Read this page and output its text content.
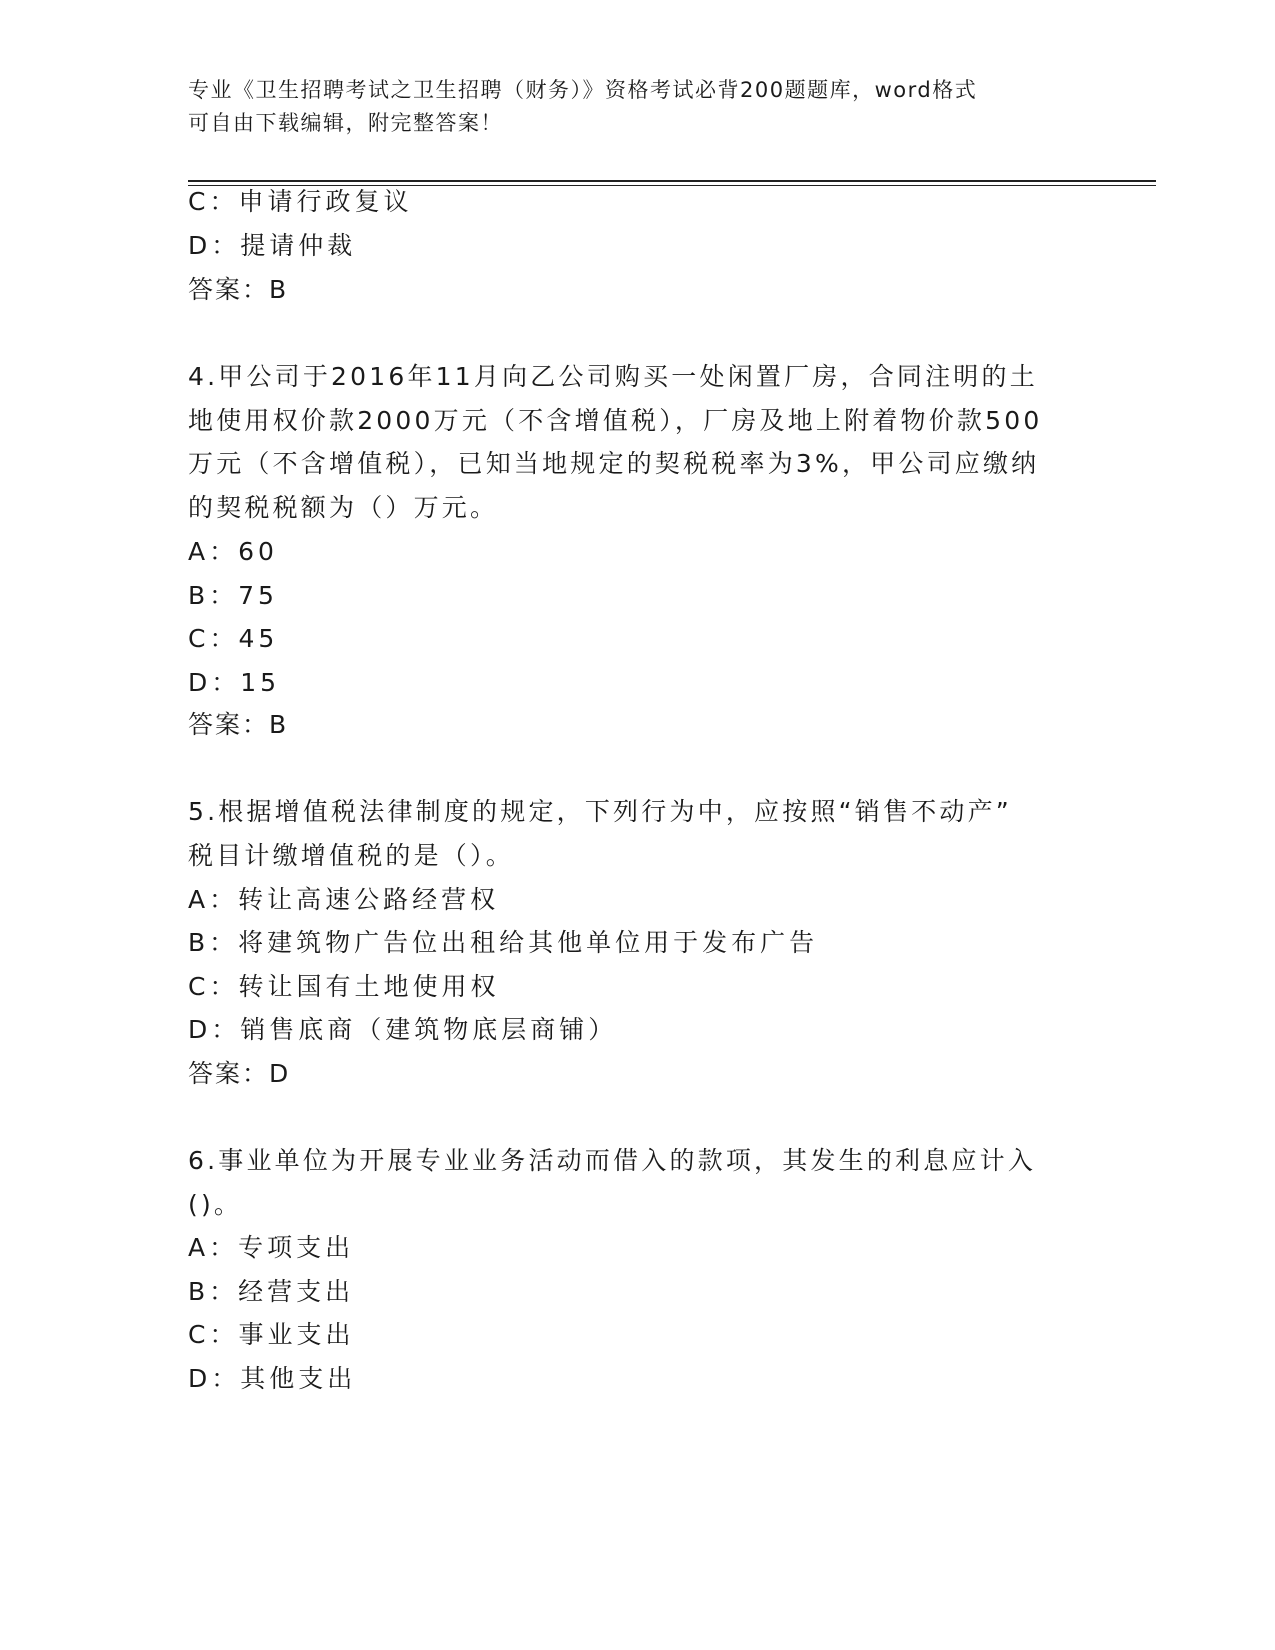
专业《卫生招聘考试之卫生招聘（财务）》资格考试必背200题题库，word格式
可自由下载编辑，附完整答案！
C：申请行政复议
D：提请仲裁
答案：B
4.甲公司于2016年11月向乙公司购买一处闲置厂房，合同注明的土
地使用权价款2000万元（不含增值税），厂房及地上附着物价款500
万元（不含增值税），已知当地规定的契税税率为3%，甲公司应缴纳
的契税税额为（）万元。
A：60
B：75
C：45
D：15
答案：B
5.根据增值税法律制度的规定，下列行为中，应按照“销售不动产”
税目计缴增值税的是（）。
A：转让高速公路经营权
B：将建筑物广告位出租给其他单位用于发布广告
C：转让国有土地使用权
D：销售底商（建筑物底层商铺）
答案：D
6.事业单位为开展专业业务活动而借入的款项，其发生的利息应计入
()。
A：专项支出
B：经营支出
C：事业支出
D：其他支出
